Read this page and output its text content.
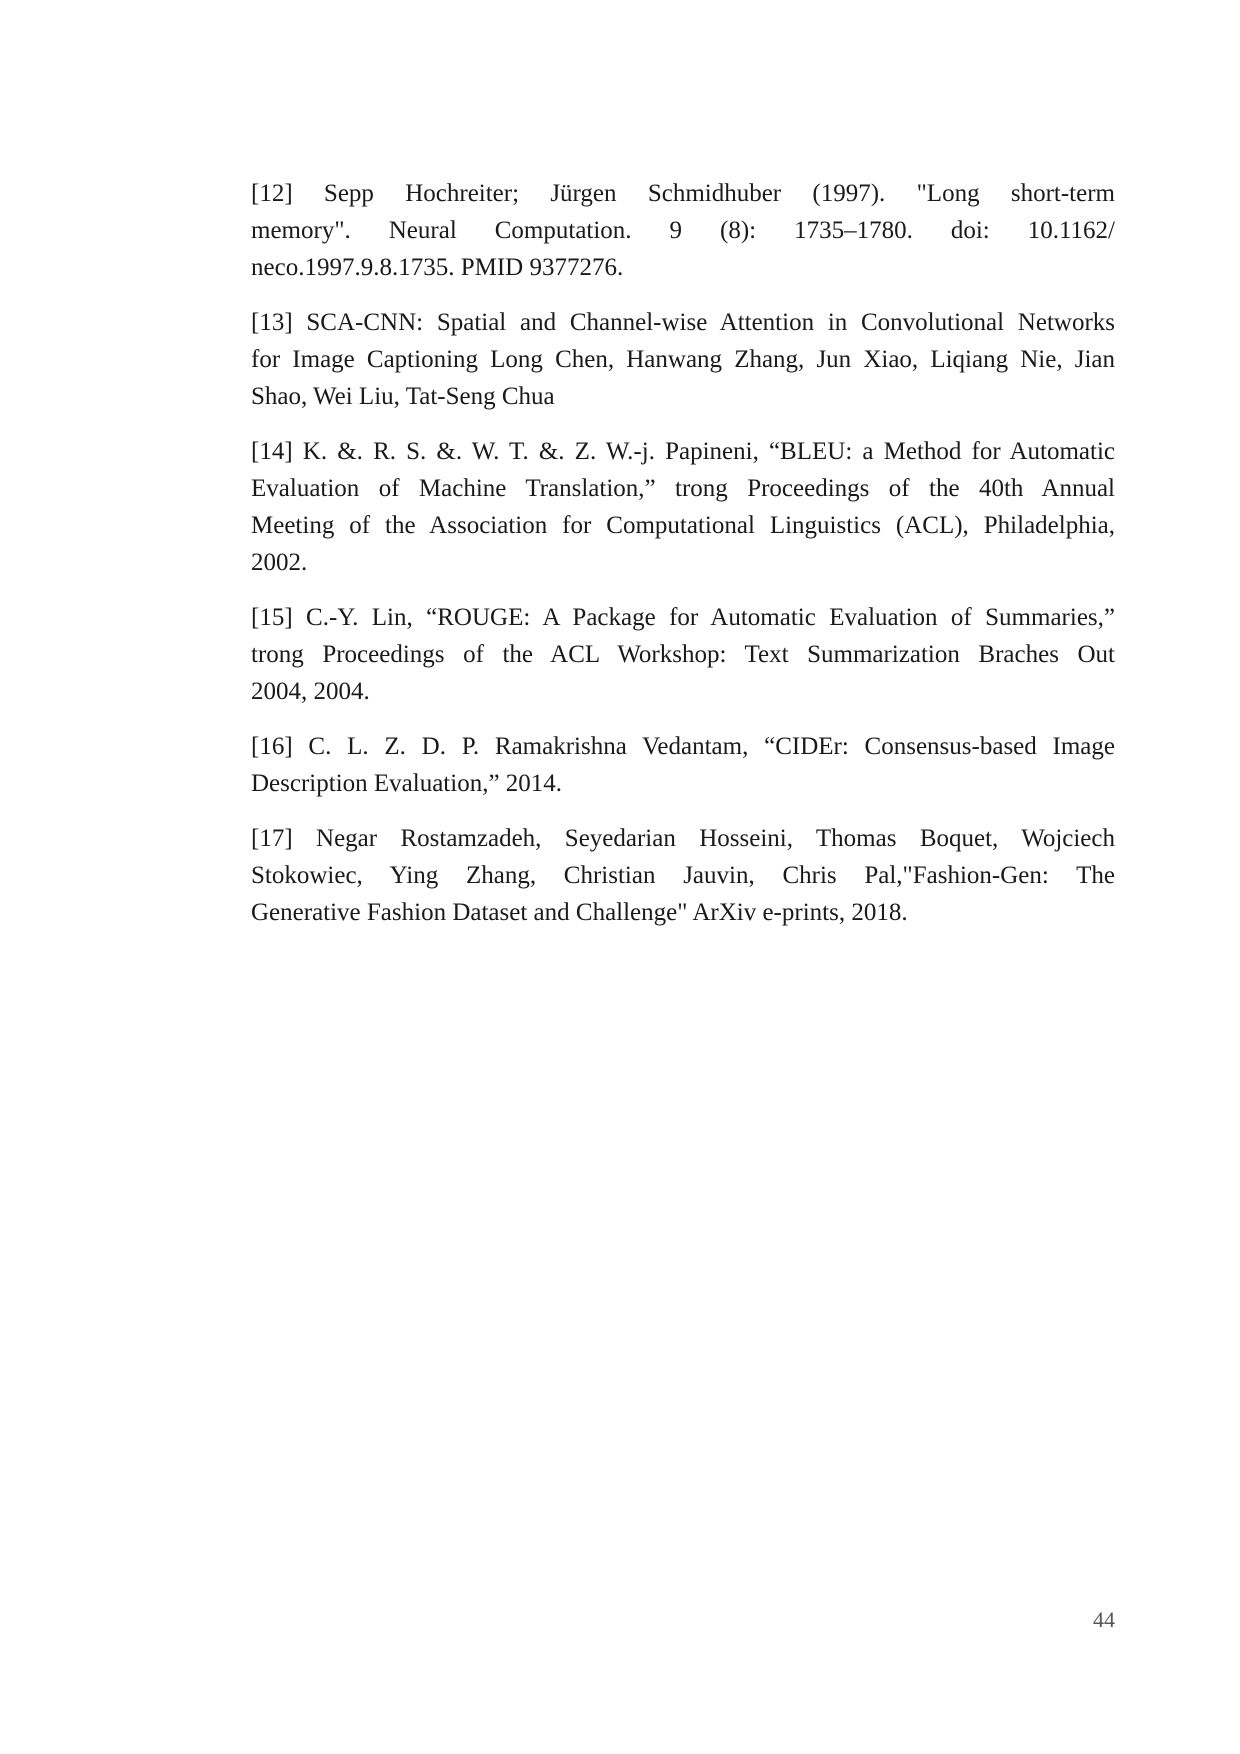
[12] Sepp Hochreiter; Jürgen Schmidhuber (1997). "Long short-term
memory". Neural Computation. 9 (8): 1735–1780. doi: 10.1162/
neco.1997.9.8.1735. PMID 9377276.
[13] SCA-CNN: Spatial and Channel-wise Attention in Convolutional Networks
for Image Captioning Long Chen, Hanwang Zhang, Jun Xiao, Liqiang Nie, Jian
Shao, Wei Liu, Tat-Seng Chua
[14] K. &. R. S. &. W. T. &. Z. W.-j. Papineni, “BLEU: a Method for Automatic
Evaluation of Machine Translation,” trong Proceedings of the 40th Annual
Meeting of the Association for Computational Linguistics (ACL), Philadelphia,
2002.
[15] C.-Y. Lin, “ROUGE: A Package for Automatic Evaluation of Summaries,”
trong Proceedings of the ACL Workshop: Text Summarization Braches Out
2004, 2004.
[16] C. L. Z. D. P. Ramakrishna Vedantam, “CIDEr: Consensus-based Image
Description Evaluation,” 2014.
[17] Negar Rostamzadeh, Seyedarian Hosseini, Thomas Boquet, Wojciech
Stokowiec, Ying Zhang, Christian Jauvin, Chris Pal,"Fashion-Gen: The
Generative Fashion Dataset and Challenge" ArXiv e-prints, 2018.
44
